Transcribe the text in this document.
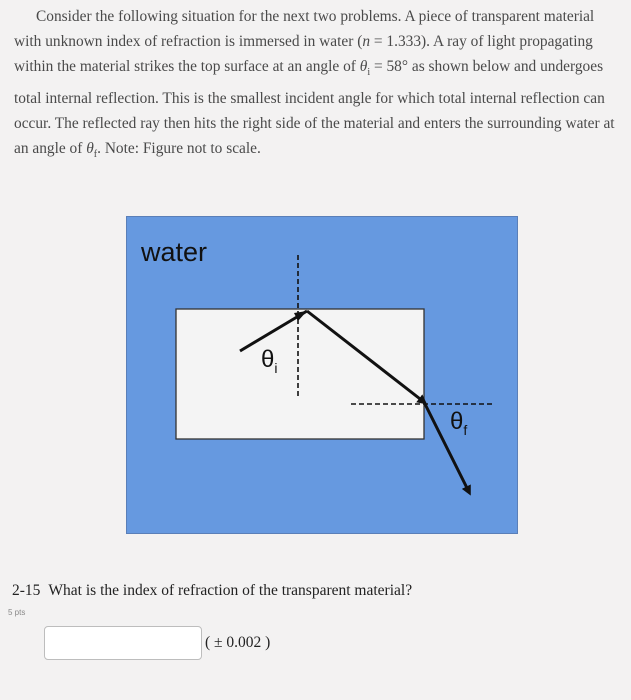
Consider the following situation for the next two problems. A piece of transparent material with unknown index of refraction is immersed in water (n = 1.333). A ray of light propagating within the material strikes the top surface at an angle of $\theta_i = 58^\circ$ as shown below and undergoes total internal reflection. This is the smallest incident angle for which total internal reflection can occur. The reflected ray then hits the right side of the material and enters the surrounding water at an angle of $\theta_f$. Note: Figure not to scale.

water
$\theta_i$
$\theta_f$
2-15 What is the index of refraction of the transparent material?
5 pts
( ± 0.002 )
